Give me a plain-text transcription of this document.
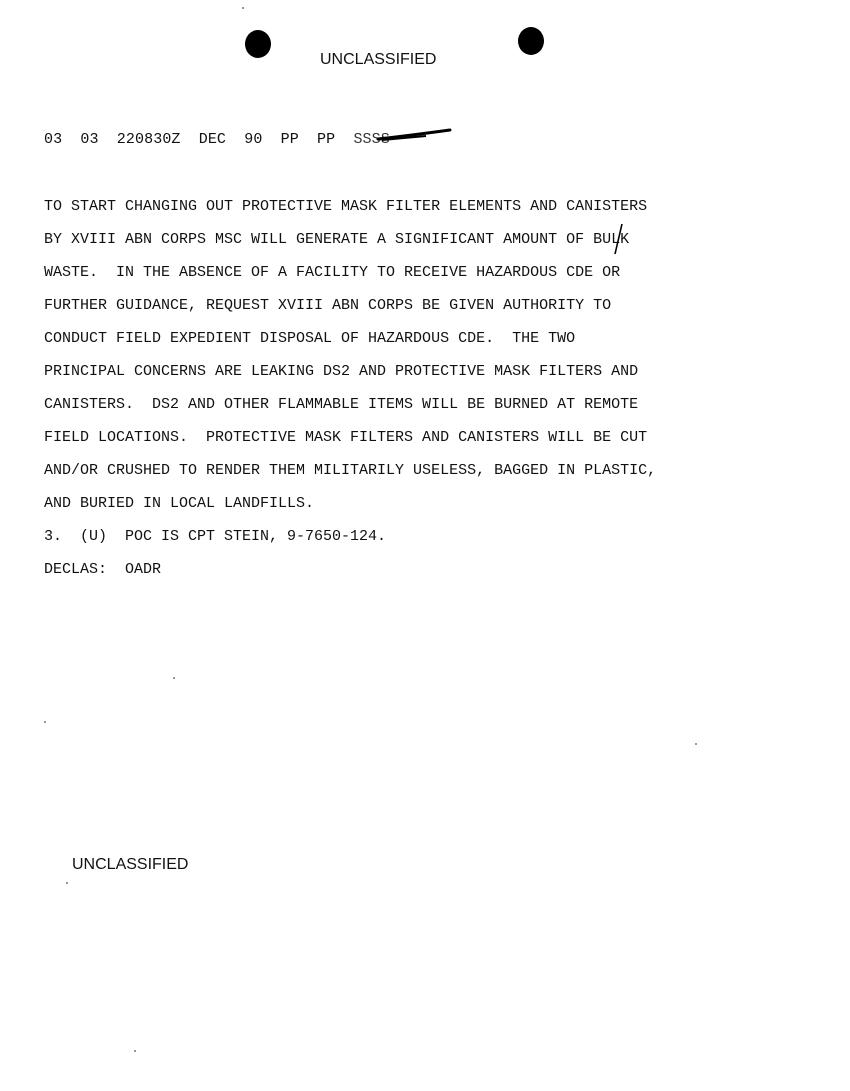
UNCLASSIFIED
03  03  220830Z  DEC  90  PP  PP  SSSS
TO START CHANGING OUT PROTECTIVE MASK FILTER ELEMENTS AND CANISTERS
BY XVIII ABN CORPS MSC WILL GENERATE A SIGNIFICANT AMOUNT OF BULK
WASTE.  IN THE ABSENCE OF A FACILITY TO RECEIVE HAZARDOUS CDE OR
FURTHER GUIDANCE, REQUEST XVIII ABN CORPS BE GIVEN AUTHORITY TO
CONDUCT FIELD EXPEDIENT DISPOSAL OF HAZARDOUS CDE.  THE TWO
PRINCIPAL CONCERNS ARE LEAKING DS2 AND PROTECTIVE MASK FILTERS AND
CANISTERS.  DS2 AND OTHER FLAMMABLE ITEMS WILL BE BURNED AT REMOTE
FIELD LOCATIONS.  PROTECTIVE MASK FILTERS AND CANISTERS WILL BE CUT
AND/OR CRUSHED TO RENDER THEM MILITARILY USELESS, BAGGED IN PLASTIC,
AND BURIED IN LOCAL LANDFILLS.
3.  (U)  POC IS CPT STEIN, 9-7650-124.
DECLAS:  OADR
UNCLASSIFIED
